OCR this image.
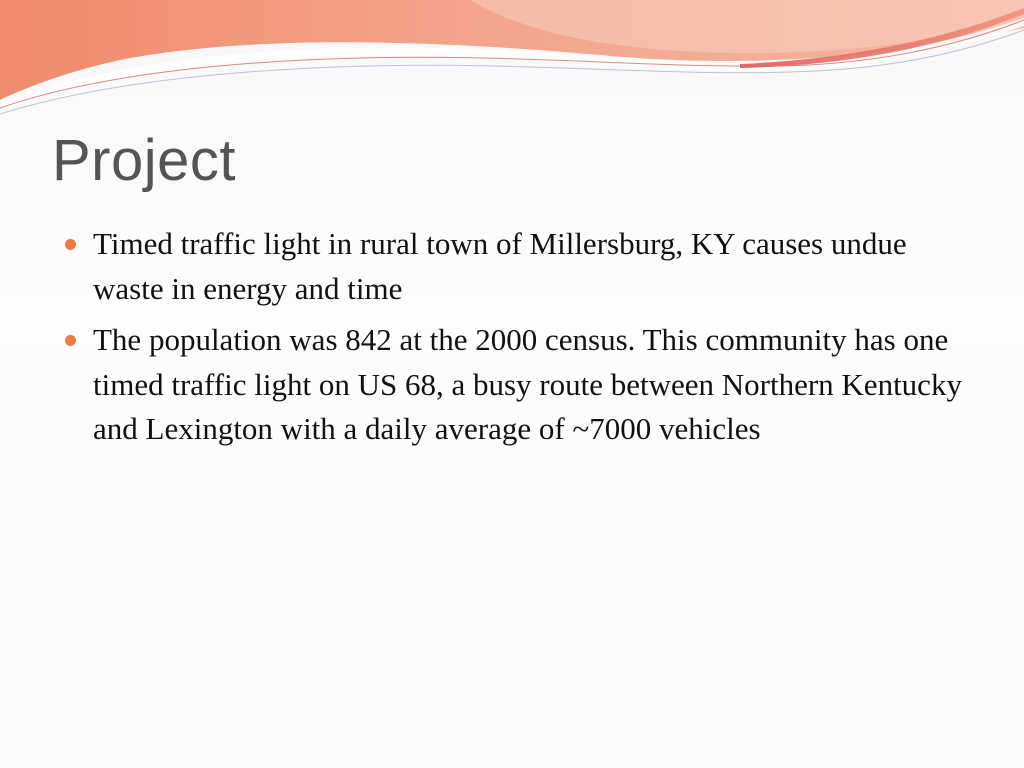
Project
Timed traffic light in rural town of Millersburg, KY causes undue waste in energy and time
The population was 842 at the 2000 census. This community has one timed traffic light on US 68, a busy route between Northern Kentucky and Lexington with a daily average of ~7000 vehicles
